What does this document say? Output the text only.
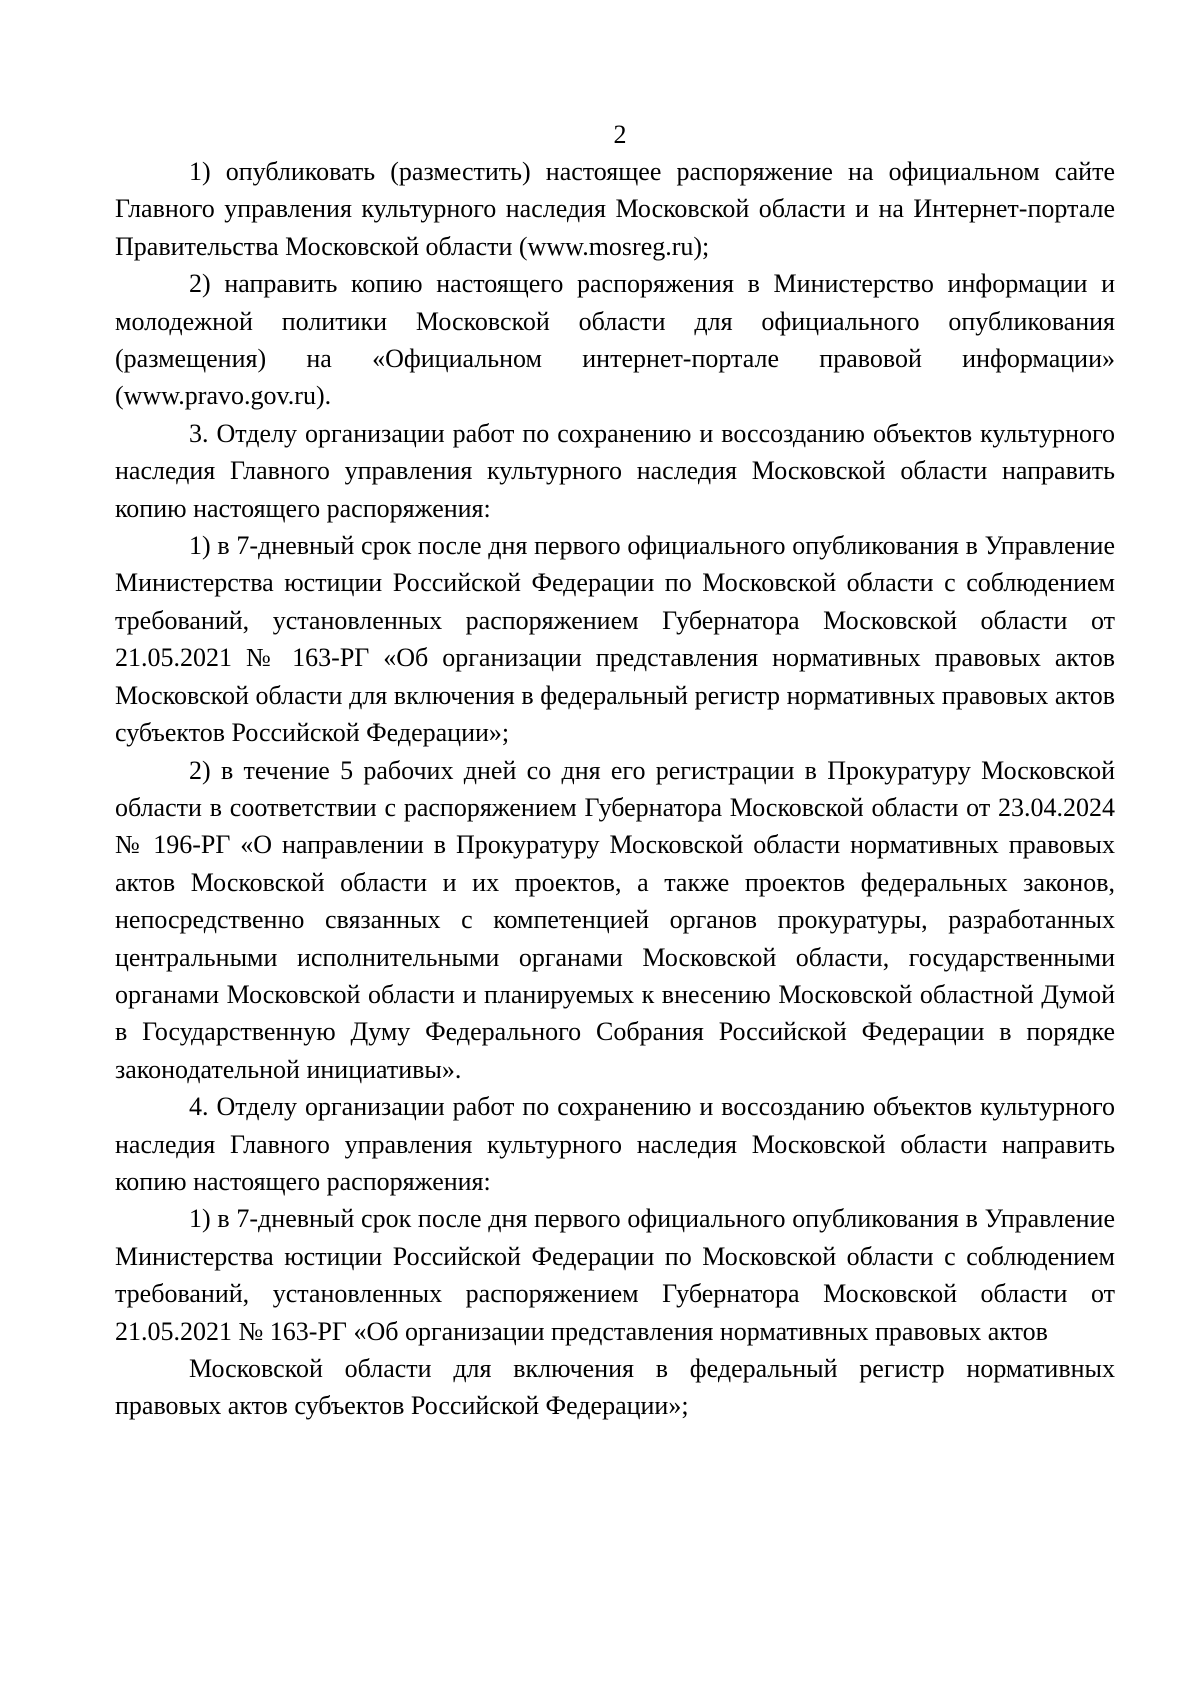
2

1) опубликовать (разместить) настоящее распоряжение на официальном сайте Главного управления культурного наследия Московской области и на Интернет-портале Правительства Московской области (www.mosreg.ru);

2) направить копию настоящего распоряжения в Министерство информации и молодежной политики Московской области для официального опубликования (размещения) на «Официальном интернет-портале правовой информации» (www.pravo.gov.ru).

3. Отделу организации работ по сохранению и воссозданию объектов культурного наследия Главного управления культурного наследия Московской области направить копию настоящего распоряжения:

1) в 7-дневный срок после дня первого официального опубликования в Управление Министерства юстиции Российской Федерации по Московской области с соблюдением требований, установленных распоряжением Губернатора Московской области от 21.05.2021 № 163-РГ «Об организации представления нормативных правовых актов Московской области для включения в федеральный регистр нормативных правовых актов субъектов Российской Федерации»;

2) в течение 5 рабочих дней со дня его регистрации в Прокуратуру Московской области в соответствии с распоряжением Губернатора Московской области от 23.04.2024 № 196-РГ «О направлении в Прокуратуру Московской области нормативных правовых актов Московской области и их проектов, а также проектов федеральных законов, непосредственно связанных с компетенцией органов прокуратуры, разработанных центральными исполнительными органами Московской области, государственными органами Московской области и планируемых к внесению Московской областной Думой в Государственную Думу Федерального Собрания Российской Федерации в порядке законодательной инициативы».

4. Отделу организации работ по сохранению и воссозданию объектов культурного наследия Главного управления культурного наследия Московской области направить копию настоящего распоряжения:

1) в 7-дневный срок после дня первого официального опубликования в Управление Министерства юстиции Российской Федерации по Московской области с соблюдением требований, установленных распоряжением Губернатора Московской области от 21.05.2021 № 163-РГ «Об организации представления нормативных правовых актов

Московской области для включения в федеральный регистр нормативных правовых актов субъектов Российской Федерации»;
